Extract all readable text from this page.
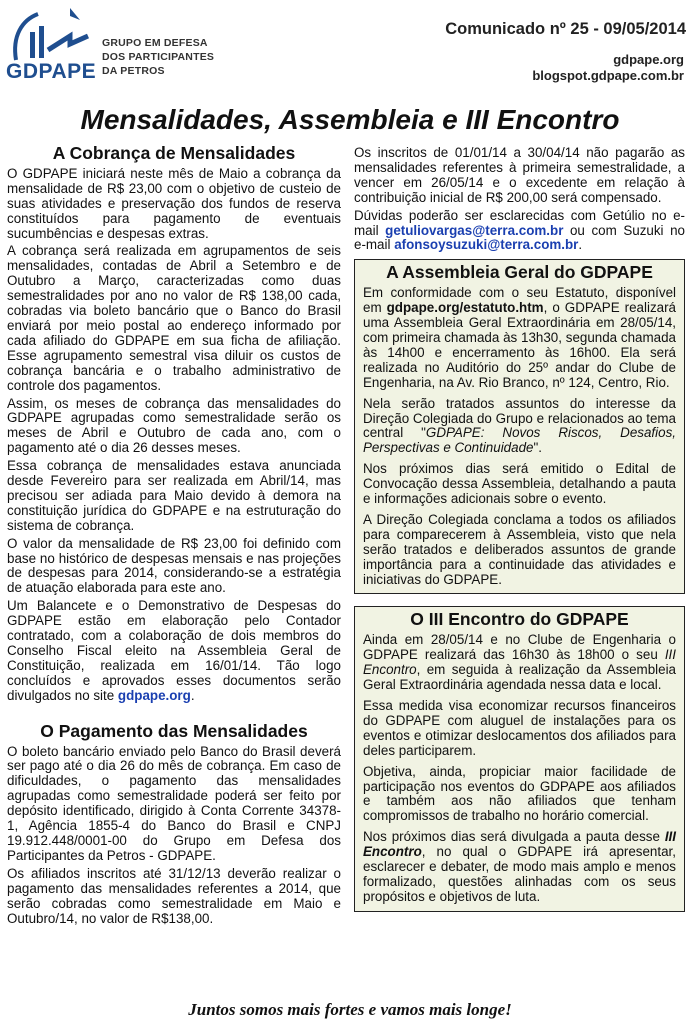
GDPAPE
GRUPO EM DEFESA
DOS PARTICIPANTES
DA PETROS
Comunicado nº 25 - 09/05/2014
gdpape.org
blogspot.gdpape.com.br
Mensalidades, Assembleia e III Encontro
A Cobrança de Mensalidades

O GDPAPE iniciará neste mês de Maio a cobrança da mensalidade de R$ 23,00 com o objetivo de custeio de suas atividades e preservação dos fundos de reserva constituídos para pagamento de eventuais sucumbências e despesas extras.

A cobrança será realizada em agrupamentos de seis mensalidades, contadas de Abril a Setembro e de Outubro a Março, caracterizadas como duas semestralidades por ano no valor de R$ 138,00 cada, cobradas via boleto bancário que o Banco do Brasil enviará por meio postal ao endereço informado por cada afiliado do GDPAPE em sua ficha de afiliação. Esse agrupamento semestral visa diluir os custos de cobrança bancária e o trabalho administrativo de controle dos pagamentos.

Assim, os meses de cobrança das mensalidades do GDPAPE agrupadas como semestralidade serão os meses de Abril e Outubro de cada ano, com o pagamento até o dia 26 desses meses.

Essa cobrança de mensalidades estava anunciada desde Fevereiro para ser realizada em Abril/14, mas precisou ser adiada para Maio devido à demora na constituição jurídica do GDPAPE e na estruturação do sistema de cobrança.

O valor da mensalidade de R$ 23,00 foi definido com base no histórico de despesas mensais e nas projeções de despesas para 2014, considerando-se a estratégia de atuação elaborada para este ano.

Um Balancete e o Demonstrativo de Despesas do GDPAPE estão em elaboração pelo Contador contratado, com a colaboração de dois membros do Conselho Fiscal eleito na Assembleia Geral de Constituição, realizada em 16/01/14. Tão logo concluídos e aprovados esses documentos serão divulgados no site gdpape.org.

O Pagamento das Mensalidades

O boleto bancário enviado pelo Banco do Brasil deverá ser pago até o dia 26 do mês de cobrança. Em caso de dificuldades, o pagamento das mensalidades agrupadas como semestralidade poderá ser feito por depósito identificado, dirigido à Conta Corrente 34378-1, Agência 1855-4 do Banco do Brasil e CNPJ 19.912.448/0001-00 do Grupo em Defesa dos Participantes da Petros - GDPAPE.

Os afiliados inscritos até 31/12/13 deverão realizar o pagamento das mensalidades referentes a 2014, que serão cobradas como semestralidade em Maio e Outubro/14, no valor de R$138,00.

Os inscritos de 01/01/14 a 30/04/14 não pagarão as mensalidades referentes à primeira semestralidade, a vencer em 26/05/14 e o excedente em relação à contribuição inicial de R$ 200,00 será compensado.

Dúvidas poderão ser esclarecidas com Getúlio no e-mail getuliovargas@terra.com.br ou com Suzuki no e-mail afonsoysuzuki@terra.com.br.

A Assembleia Geral do GDPAPE

Em conformidade com o seu Estatuto, disponível em gdpape.org/estatuto.htm, o GDPAPE realizará uma Assembleia Geral Extraordinária em 28/05/14, com primeira chamada às 13h30, segunda chamada às 14h00 e encerramento às 16h00. Ela será realizada no Auditório do 25º andar do Clube de Engenharia, na Av. Rio Branco, nº 124, Centro, Rio.

Nela serão tratados assuntos do interesse da Direção Colegiada do Grupo e relacionados ao tema central "GDPAPE: Novos Riscos, Desafios, Perspectivas e Continuidade".

Nos próximos dias será emitido o Edital de Convocação dessa Assembleia, detalhando a pauta e informações adicionais sobre o evento.

A Direção Colegiada conclama a todos os afiliados para comparecerem à Assembleia, visto que nela serão tratados e deliberados assuntos de grande importância para a continuidade das atividades e iniciativas do GDPAPE.

O III Encontro do GDPAPE

Ainda em 28/05/14 e no Clube de Engenharia o GDPAPE realizará das 16h30 às 18h00 o seu III Encontro, em seguida à realização da Assembleia Geral Extraordinária agendada nessa data e local.

Essa medida visa economizar recursos financeiros do GDPAPE com aluguel de instalações para os eventos e otimizar deslocamentos dos afiliados para deles participarem.

Objetiva, ainda, propiciar maior facilidade de participação nos eventos do GDPAPE aos afiliados e também aos não afiliados que tenham compromissos de trabalho no horário comercial.

Nos próximos dias será divulgada a pauta desse III Encontro, no qual o GDPAPE irá apresentar, esclarecer e debater, de modo mais amplo e menos formalizado, questões alinhadas com os seus propósitos e objetivos de luta.

Juntos somos mais fortes e vamos mais longe!
